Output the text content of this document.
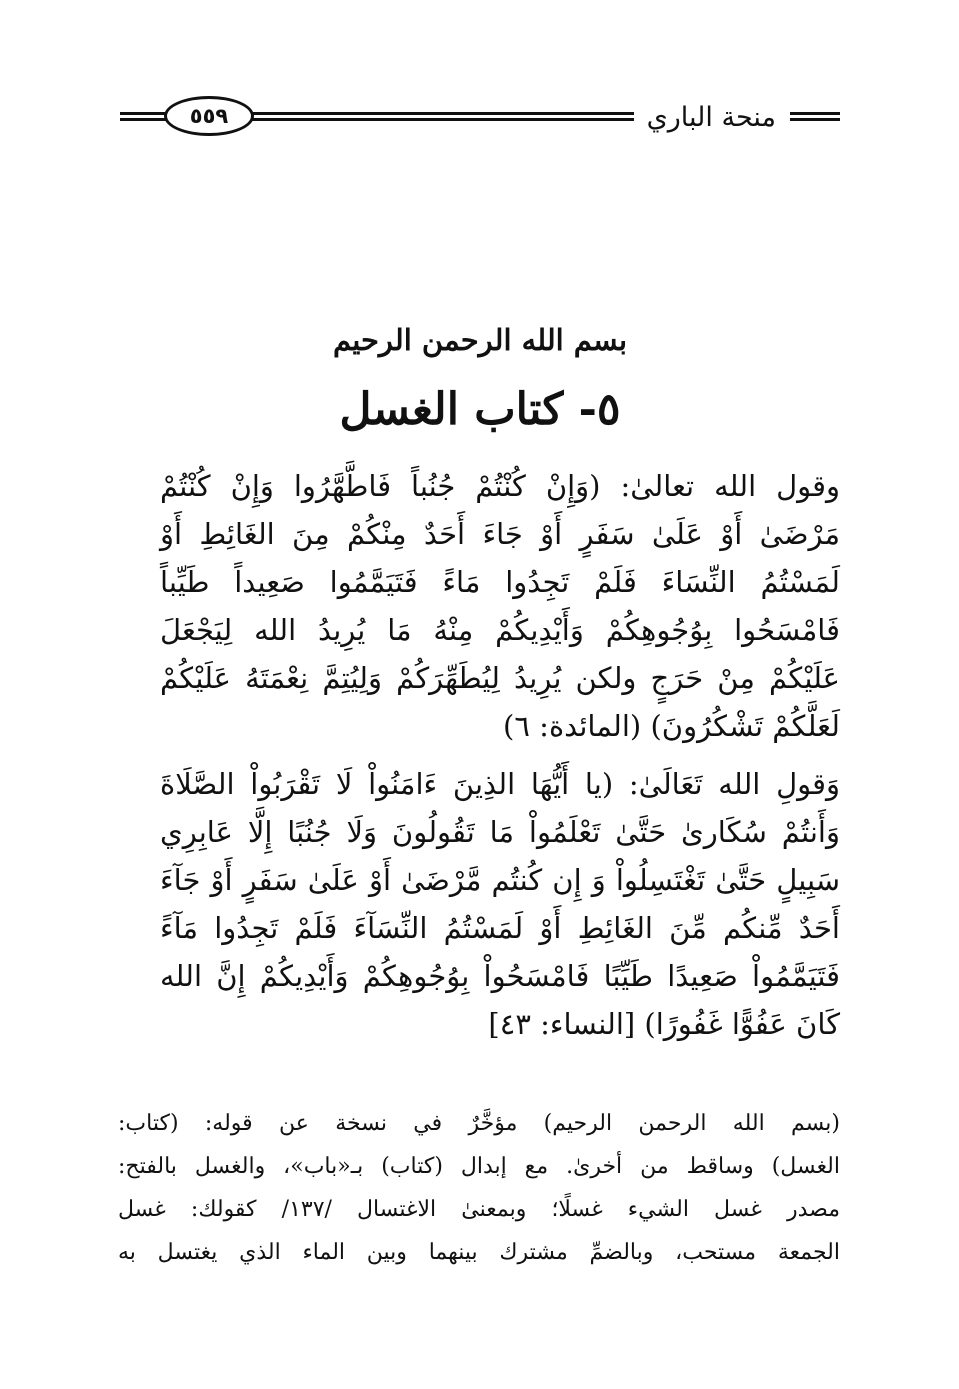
منحة الباري
٥٥٩
بسم الله الرحمن الرحيم
٥- كتاب الغسل
وقول الله تعالىٰ: (وَإِنْ كُنْتُمْ جُنُباً فَاطَّهَّرُوا وَإِنْ كُنْتُمْ
مَرْضَىٰ أَوْ عَلَىٰ سَفَرٍ أَوْ جَاءَ أَحَدٌ مِنْكُمْ مِنَ الغَائِطِ أَوْ
لَمَسْتُمُ النِّسَاءَ فَلَمْ تَجِدُوا مَاءً فَتَيَمَّمُوا صَعِيداً طَيِّباً
فَامْسَحُوا بِوُجُوهِكُمْ وَأَيْدِيكُمْ مِنْهُ مَا يُرِيدُ الله لِيَجْعَلَ
عَلَيْكُمْ مِنْ حَرَجٍ ولكن يُرِيدُ لِيُطَهِّرَكُمْ وَلِيُتِمَّ نِعْمَتَهُ عَلَيْكُمْ
لَعَلَّكُمْ تَشْكُرُونَ) (المائدة: ٦)
وَقولِ الله تَعَالَىٰ: (يا أَيُّهَا الذِينَ ءَامَنُواْ لَا تَقْرَبُواْ الصَّلَاةَ
وَأَنتُمْ سُكَارىٰ حَتَّىٰ تَعْلَمُواْ مَا تَقُولُونَ وَلَا جُنُبًا إِلَّا عَابِرِي
سَبِيلٍ حَتَّىٰ تَغْتَسِلُواْ وَ إِن كُنتُم مَّرْضَىٰ أَوْ عَلَىٰ سَفَرٍ أَوْ جَآءَ
أَحَدٌ مِّنكُم مِّنَ الغَائِطِ أَوْ لَمَسْتُمُ النِّسَآءَ فَلَمْ تَجِدُوا مَآءً
فَتَيَمَّمُواْ صَعِيدًا طَيِّبًا فَامْسَحُواْ بِوُجُوهِكُمْ وَأَيْدِيكُمْ إِنَّ الله
كَانَ عَفُوًّا غَفُورًا) [النساء: ٤٣]
(بسم الله الرحمن الرحيم) مؤخَّرٌ في نسخة عن قوله: (كتاب:
الغسل) وساقط من أخرىٰ. مع إبدال (كتاب) بـ«باب»، والغسل بالفتح:
مصدر غسل الشيء غسلًا؛ وبمعنىٰ الاغتسال /١٣٧/ كقولك: غسل
الجمعة مستحب، وبالضمِّ مشترك بينهما وبين الماء الذي يغتسل به
